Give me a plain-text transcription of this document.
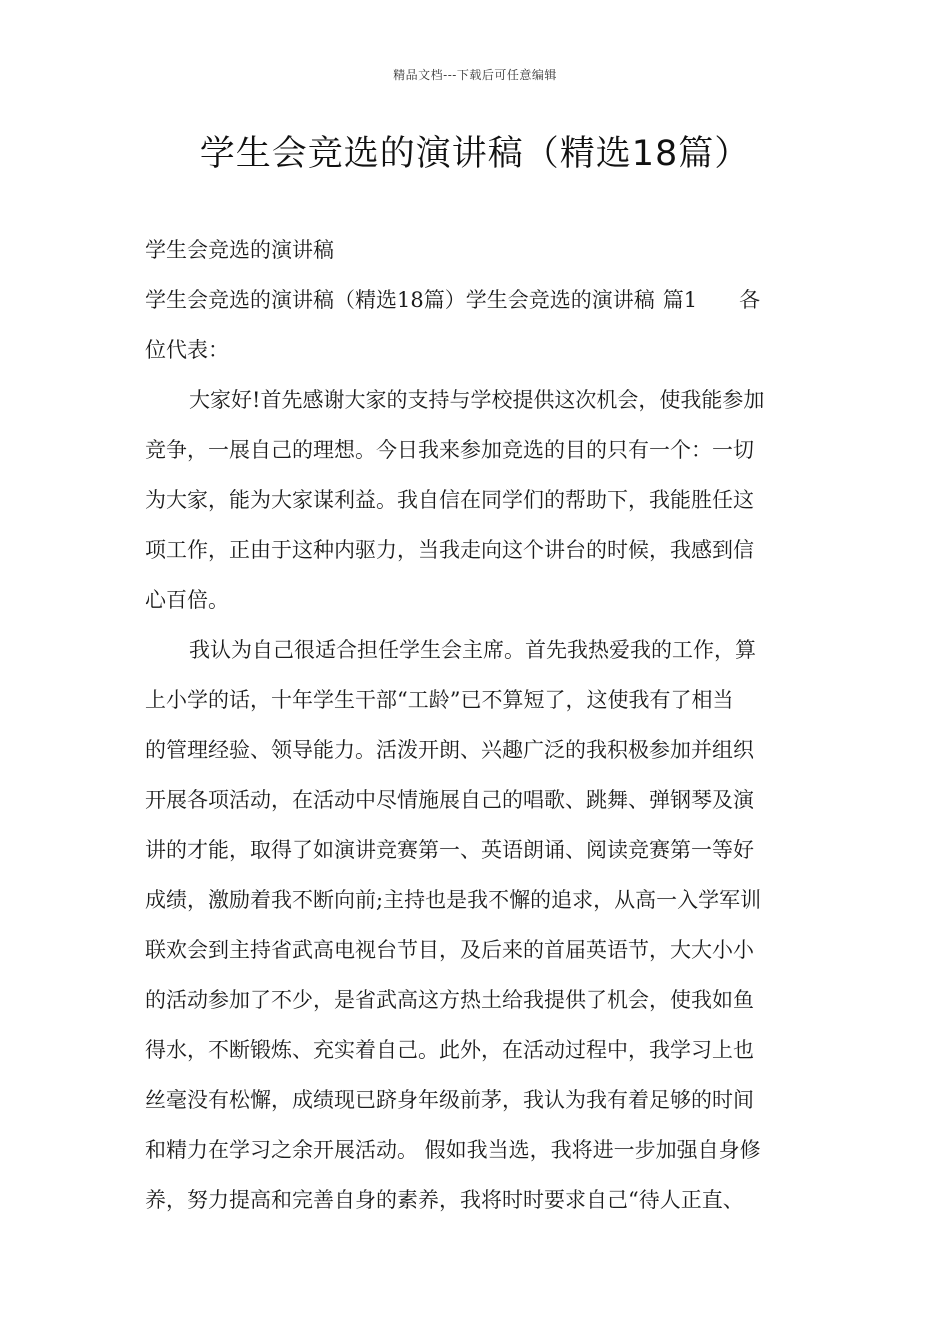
精品文档---下载后可任意编辑
学生会竞选的演讲稿（精选18篇）

学生会竞选的演讲稿

学生会竞选的演讲稿（精选18篇）学生会竞选的演讲稿 篇1 各
位代表：

大家好!首先感谢大家的支持与学校提供这次机会，使我能参加
竞争，一展自己的理想。今日我来参加竞选的目的只有一个：一切
为大家，能为大家谋利益。我自信在同学们的帮助下，我能胜任这
项工作，正由于这种内驱力，当我走向这个讲台的时候，我感到信
心百倍。

我认为自己很适合担任学生会主席。首先我热爱我的工作，算
上小学的话，十年学生干部“工龄”已不算短了，这使我有了相当
的管理经验、领导能力。活泼开朗、兴趣广泛的我积极参加并组织
开展各项活动，在活动中尽情施展自己的唱歌、跳舞、弹钢琴及演
讲的才能，取得了如演讲竞赛第一、英语朗诵、阅读竞赛第一等好
成绩，激励着我不断向前;主持也是我不懈的追求，从高一入学军训
联欢会到主持省武高电视台节目，及后来的首届英语节，大大小小
的活动参加了不少，是省武高这方热土给我提供了机会，使我如鱼
得水，不断锻炼、充实着自己。此外，在活动过程中，我学习上也
丝毫没有松懈，成绩现已跻身年级前茅，我认为我有着足够的时间
和精力在学习之余开展活动。 假如我当选，我将进一步加强自身修
养，努力提高和完善自身的素养，我将时时要求自己“待人正直、
